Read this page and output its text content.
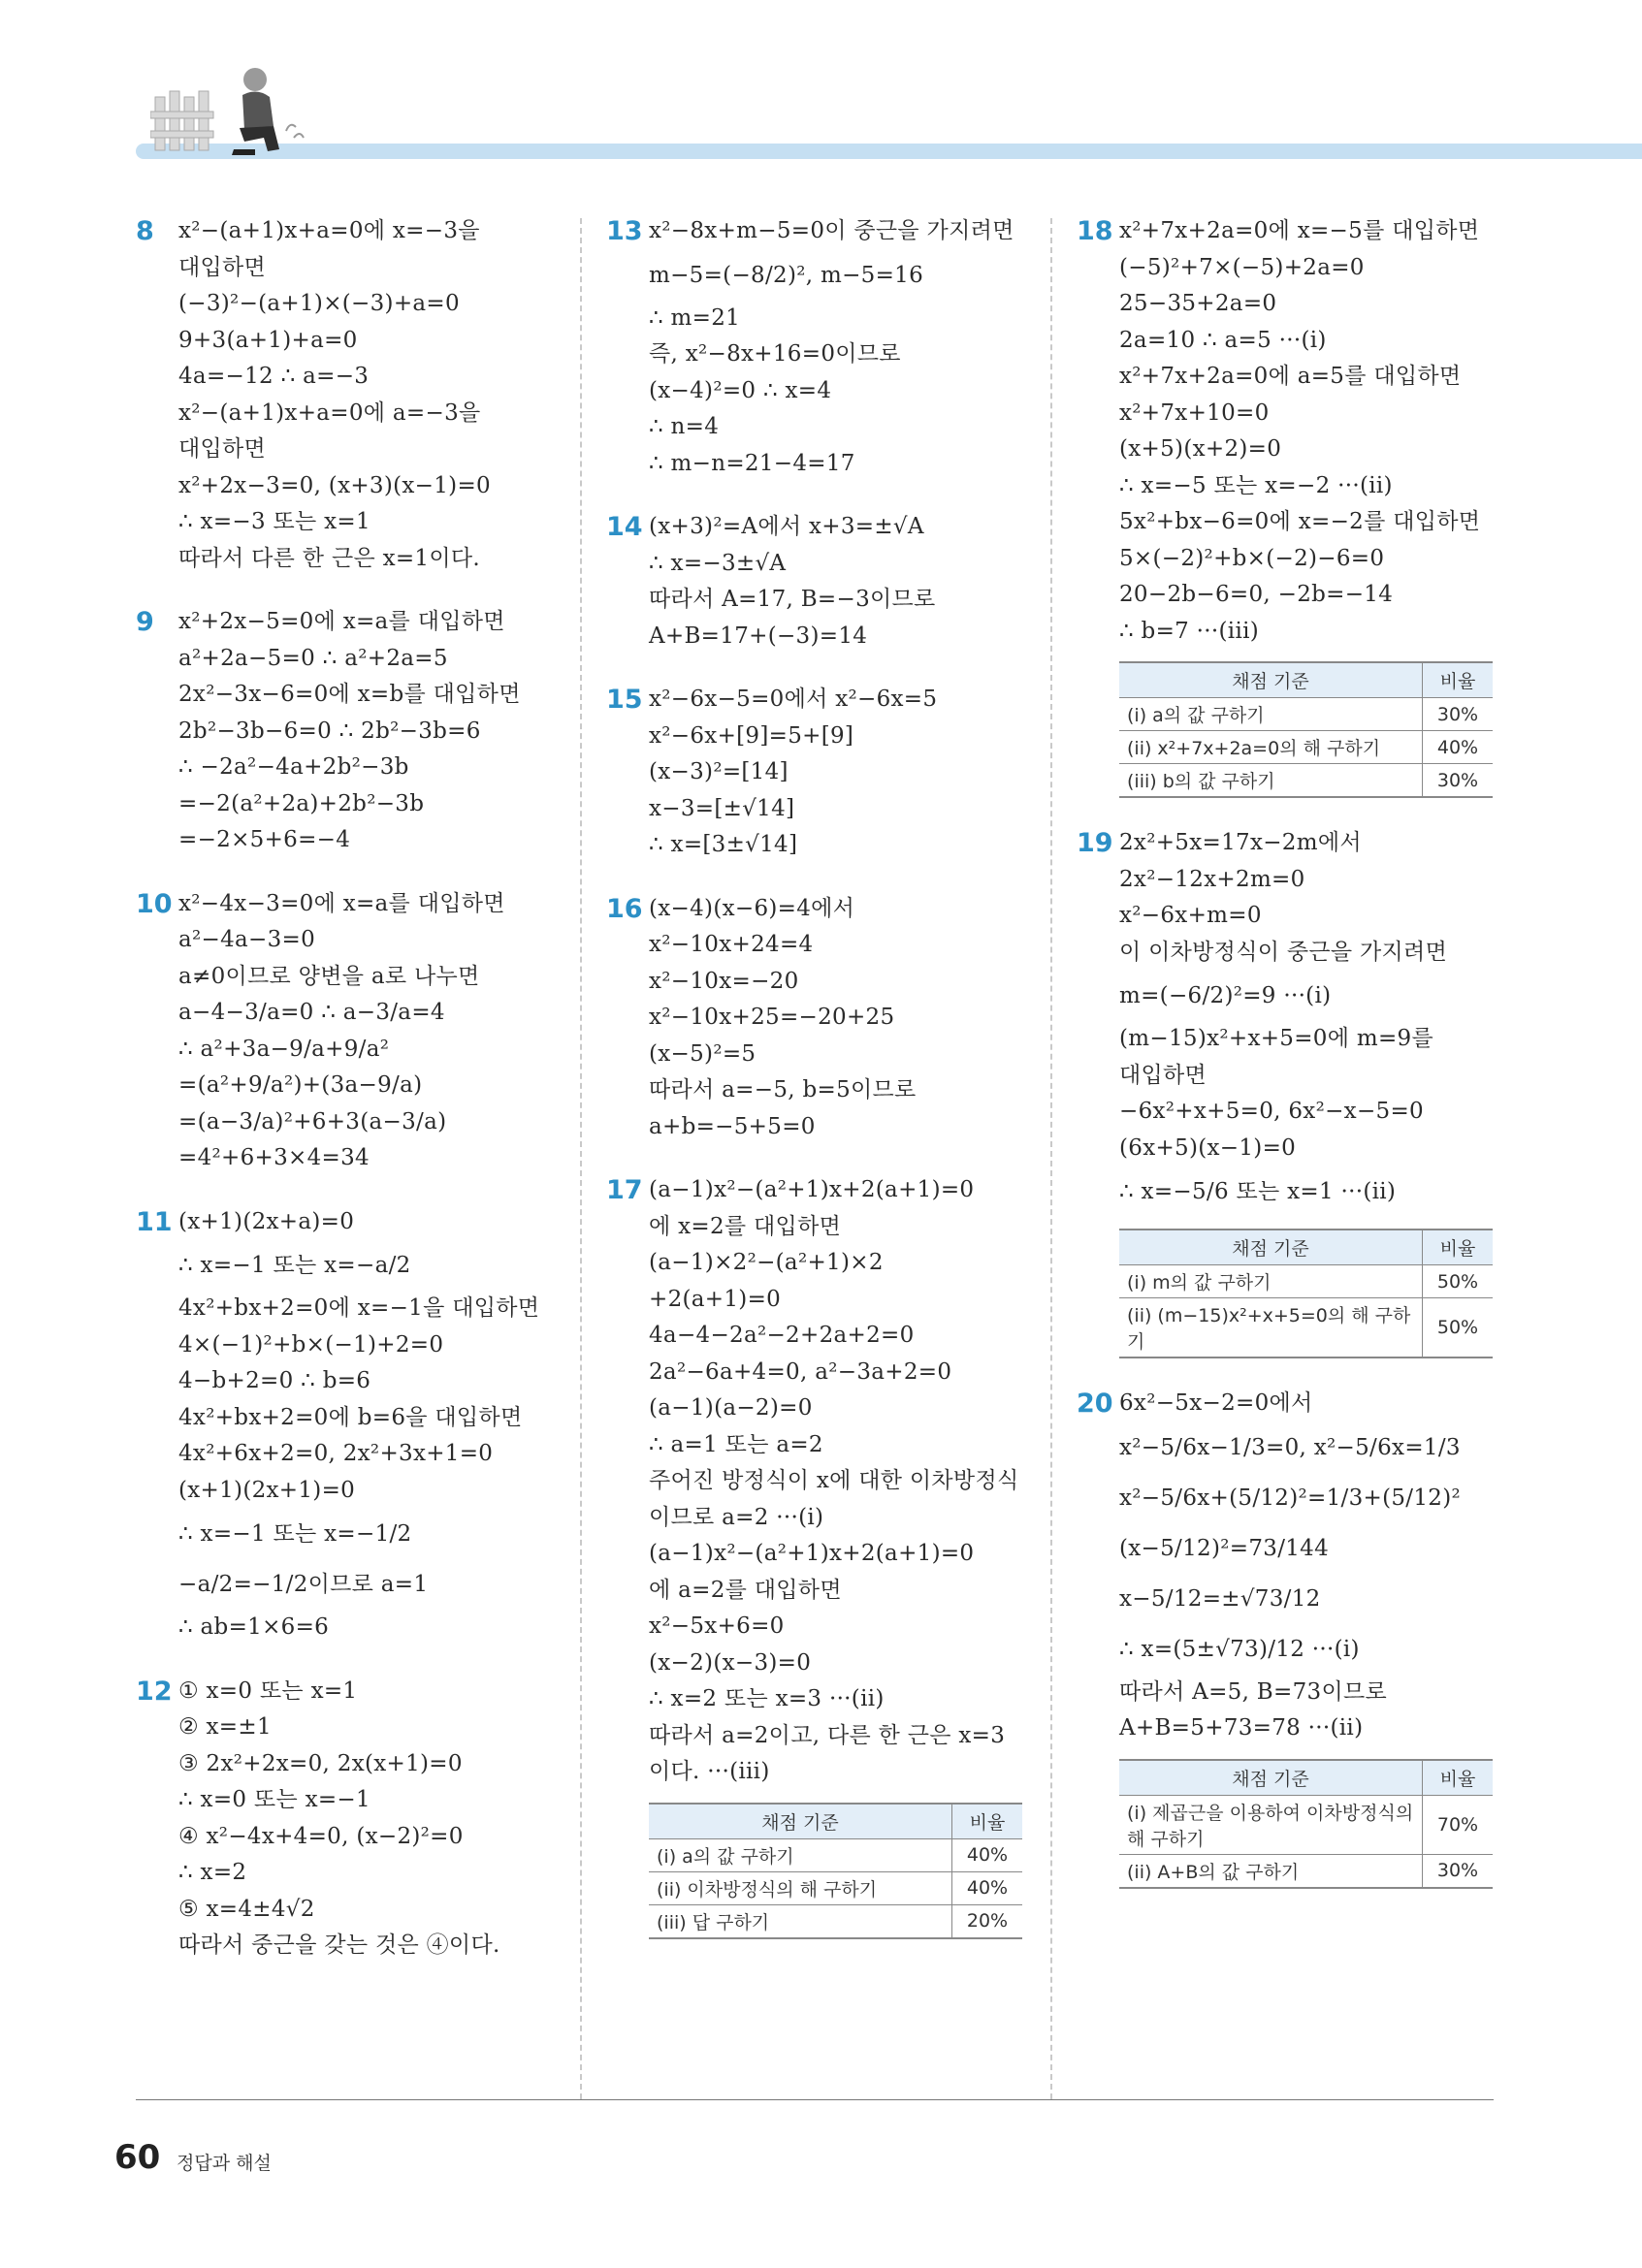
8 x²−(a+1)x+a=0에 x=−3을
대입하면
(−3)²−(a+1)×(−3)+a=0
9+3(a+1)+a=0
4a=−12 ∴ a=−3
x²−(a+1)x+a=0에 a=−3을
대입하면
x²+2x−3=0, (x+3)(x−1)=0
∴ x=−3 또는 x=1
따라서 다른 한 근은 x=1이다.
9 x²+2x−5=0에 x=a를 대입하면
a²+2a−5=0 ∴ a²+2a=5
2x²−3x−6=0에 x=b를 대입하면
2b²−3b−6=0 ∴ 2b²−3b=6
∴ −2a²−4a+2b²−3b
=−2(a²+2a)+2b²−3b
=−2×5+6=−4
10 x²−4x−3=0에 x=a를 대입하면
a²−4a−3=0
a≠0이므로 양변을 a로 나누면
a−4−3/a=0 ∴ a−3/a=4
∴ a²+3a−9/a+9/a²
=(a²+9/a²)+(3a−9/a)
=(a−3/a)²+6+3(a−3/a)
=4²+6+3×4=34
11 (x+1)(2x+a)=0
∴ x=−1 또는 x=−a/2
4x²+bx+2=0에 x=−1을 대입하면
4×(−1)²+b×(−1)+2=0
4−b+2=0 ∴ b=6
4x²+bx+2=0에 b=6을 대입하면
4x²+6x+2=0, 2x²+3x+1=0
(x+1)(2x+1)=0
∴ x=−1 또는 x=−1/2
−a/2=−1/2이므로 a=1
∴ ab=1×6=6
12 ① x=0 또는 x=1
② x=±1
③ 2x²+2x=0, 2x(x+1)=0
∴ x=0 또는 x=−1
④ x²−4x+4=0, (x−2)²=0
∴ x=2
⑤ x=4±4√2
따라서 중근을 갖는 것은 ④이다.
13 x²−8x+m−5=0이 중근을 가지려면
m−5=(−8/2)², m−5=16
∴ m=21
즉, x²−8x+16=0이므로
(x−4)²=0 ∴ x=4
∴ n=4
∴ m−n=21−4=17
14 (x+3)²=A에서 x+3=±√A
∴ x=−3±√A
따라서 A=17, B=−3이므로
A+B=17+(−3)=14
15 x²−6x−5=0에서 x²−6x=5
x²−6x+[9]=5+[9]
(x−3)²=[14]
x−3=[±√14]
∴ x=[3±√14]
16 (x−4)(x−6)=4에서
x²−10x+24=4
x²−10x=−20
x²−10x+25=−20+25
(x−5)²=5
따라서 a=−5, b=5이므로
a+b=−5+5=0
17 (a−1)x²−(a²+1)x+2(a+1)=0
에 x=2를 대입하면
(a−1)×2²−(a²+1)×2
+2(a+1)=0
4a−4−2a²−2+2a+2=0
2a²−6a+4=0, a²−3a+2=0
(a−1)(a−2)=0
∴ a=1 또는 a=2
주어진 방정식이 x에 대한 이차방정식
이므로 a=2 ···(i)
(a−1)x²−(a²+1)x+2(a+1)=0
에 a=2를 대입하면
x²−5x+6=0
(x−2)(x−3)=0
∴ x=2 또는 x=3 ···(ii)
따라서 a=2이고, 다른 한 근은 x=3
이다. ···(iii)
채점 기준	비율
(i) a의 값 구하기	40%
(ii) 이차방정식의 해 구하기	40%
(iii) 답 구하기	20%
18 x²+7x+2a=0에 x=−5를 대입하면
(−5)²+7×(−5)+2a=0
25−35+2a=0
2a=10 ∴ a=5 ···(i)
x²+7x+2a=0에 a=5를 대입하면
x²+7x+10=0
(x+5)(x+2)=0
∴ x=−5 또는 x=−2 ···(ii)
5x²+bx−6=0에 x=−2를 대입하면
5×(−2)²+b×(−2)−6=0
20−2b−6=0, −2b=−14
∴ b=7 ···(iii)
채점 기준	비율
(i) a의 값 구하기	30%
(ii) x²+7x+2a=0의 해 구하기	40%
(iii) b의 값 구하기	30%
19 2x²+5x=17x−2m에서
2x²−12x+2m=0
x²−6x+m=0
이 이차방정식이 중근을 가지려면
m=(−6/2)²=9 ···(i)
(m−15)x²+x+5=0에 m=9를
대입하면
−6x²+x+5=0, 6x²−x−5=0
(6x+5)(x−1)=0
∴ x=−5/6 또는 x=1 ···(ii)
채점 기준	비율
(i) m의 값 구하기	50%
(ii) (m−15)x²+x+5=0의 해 구하기	50%
20 6x²−5x−2=0에서
x²−5/6x−1/3=0, x²−5/6x=1/3
x²−5/6x+(5/12)²=1/3+(5/12)²
(x−5/12)²=73/144
x−5/12=±√73/12
∴ x=(5±√73)/12 ···(i)
따라서 A=5, B=73이므로
A+B=5+73=78 ···(ii)
채점 기준	비율
(i) 제곱근을 이용하여 이차방정식의 해 구하기	70%
(ii) A+B의 값 구하기	30%
60 정답과 해설
